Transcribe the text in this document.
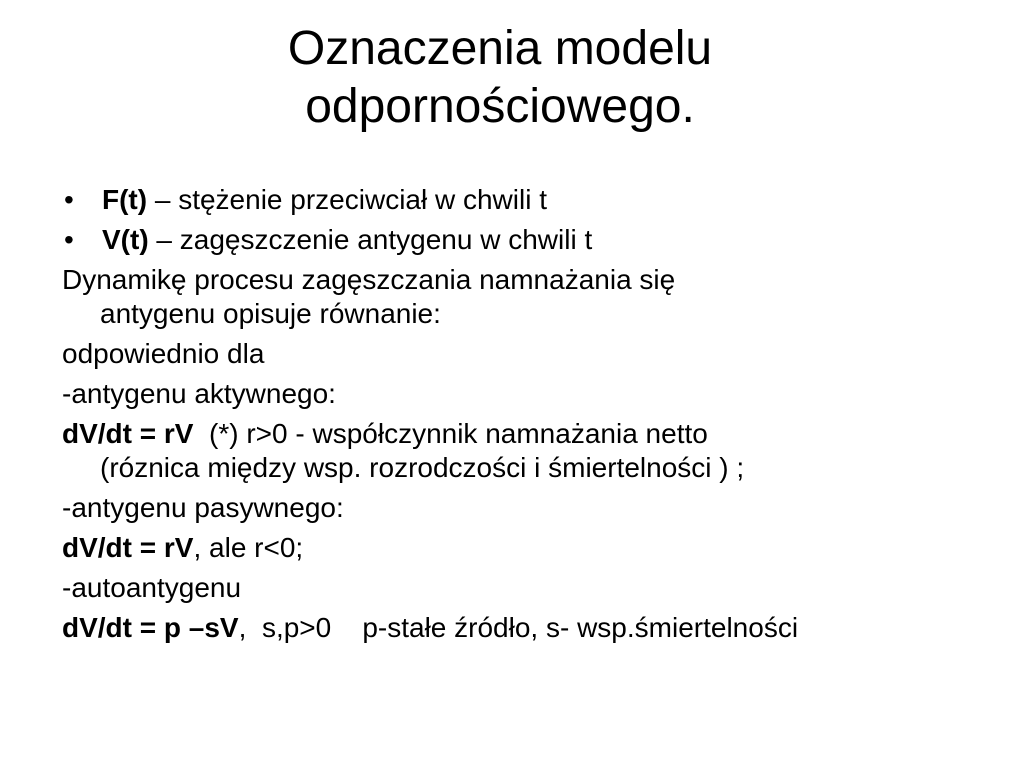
Oznaczenia modelu
odpornościowego.
• F(t) – stężenie przeciwciał w chwili t
• V(t) – zagęszczenie antygenu w chwili t
Dynamikę procesu zagęszczania namnażania się
antygenu opisuje równanie:
odpowiednio dla
-antygenu aktywnego:
dV/dt = rV  (*) r>0 - współczynnik namnażania netto
(róznica między wsp. rozrodczości i śmiertelności ) ;
-antygenu pasywnego:
dV/dt = rV, ale r<0;
-autoantygenu
dV/dt = p –sV,  s,p>0    p-stałe źródło, s- wsp.śmiertelności
